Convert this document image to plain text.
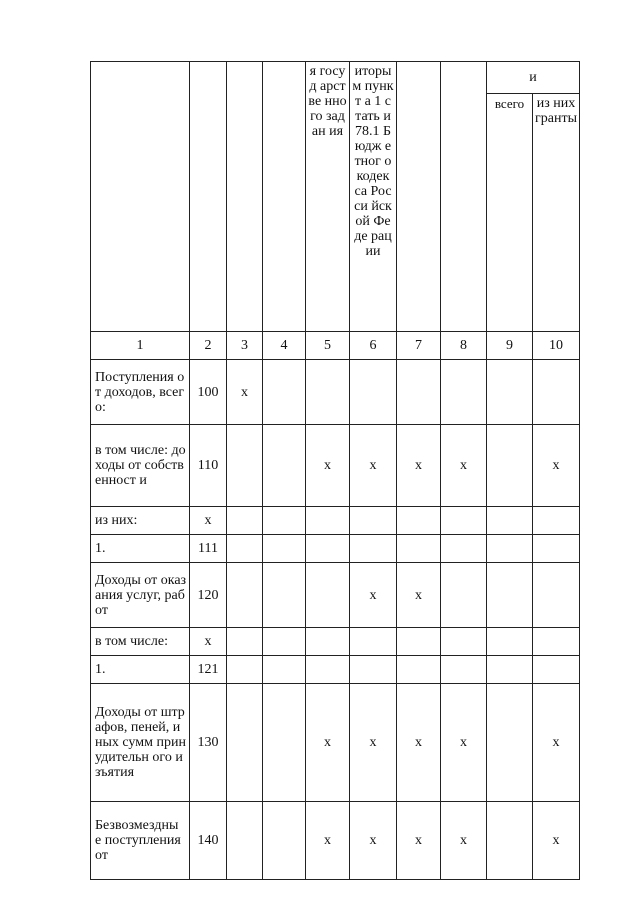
				я госуд арствe нного задан ия	иторы м пункт а 1 стать и 78.1 Бюдж етног о кодек са Росси йской Федe рации			и	
								всего	из них гранты
1	2	3	4	5	6	7	8	9	10
Поступления от доходов, всего:	100	x							
в том числе: доходы от собственност и	110			x	x	x	x		x
из них:	x								
1.	111								
Доходы от оказания услуг, работ	120				x	x			
в том числе:	x								
1.	121								
Доходы от штрафов, пеней, иных сумм принудительн ого изъятия	130			x	x	x	x		x
Безвозмездны е поступления от	140			x	x	x	x		x
